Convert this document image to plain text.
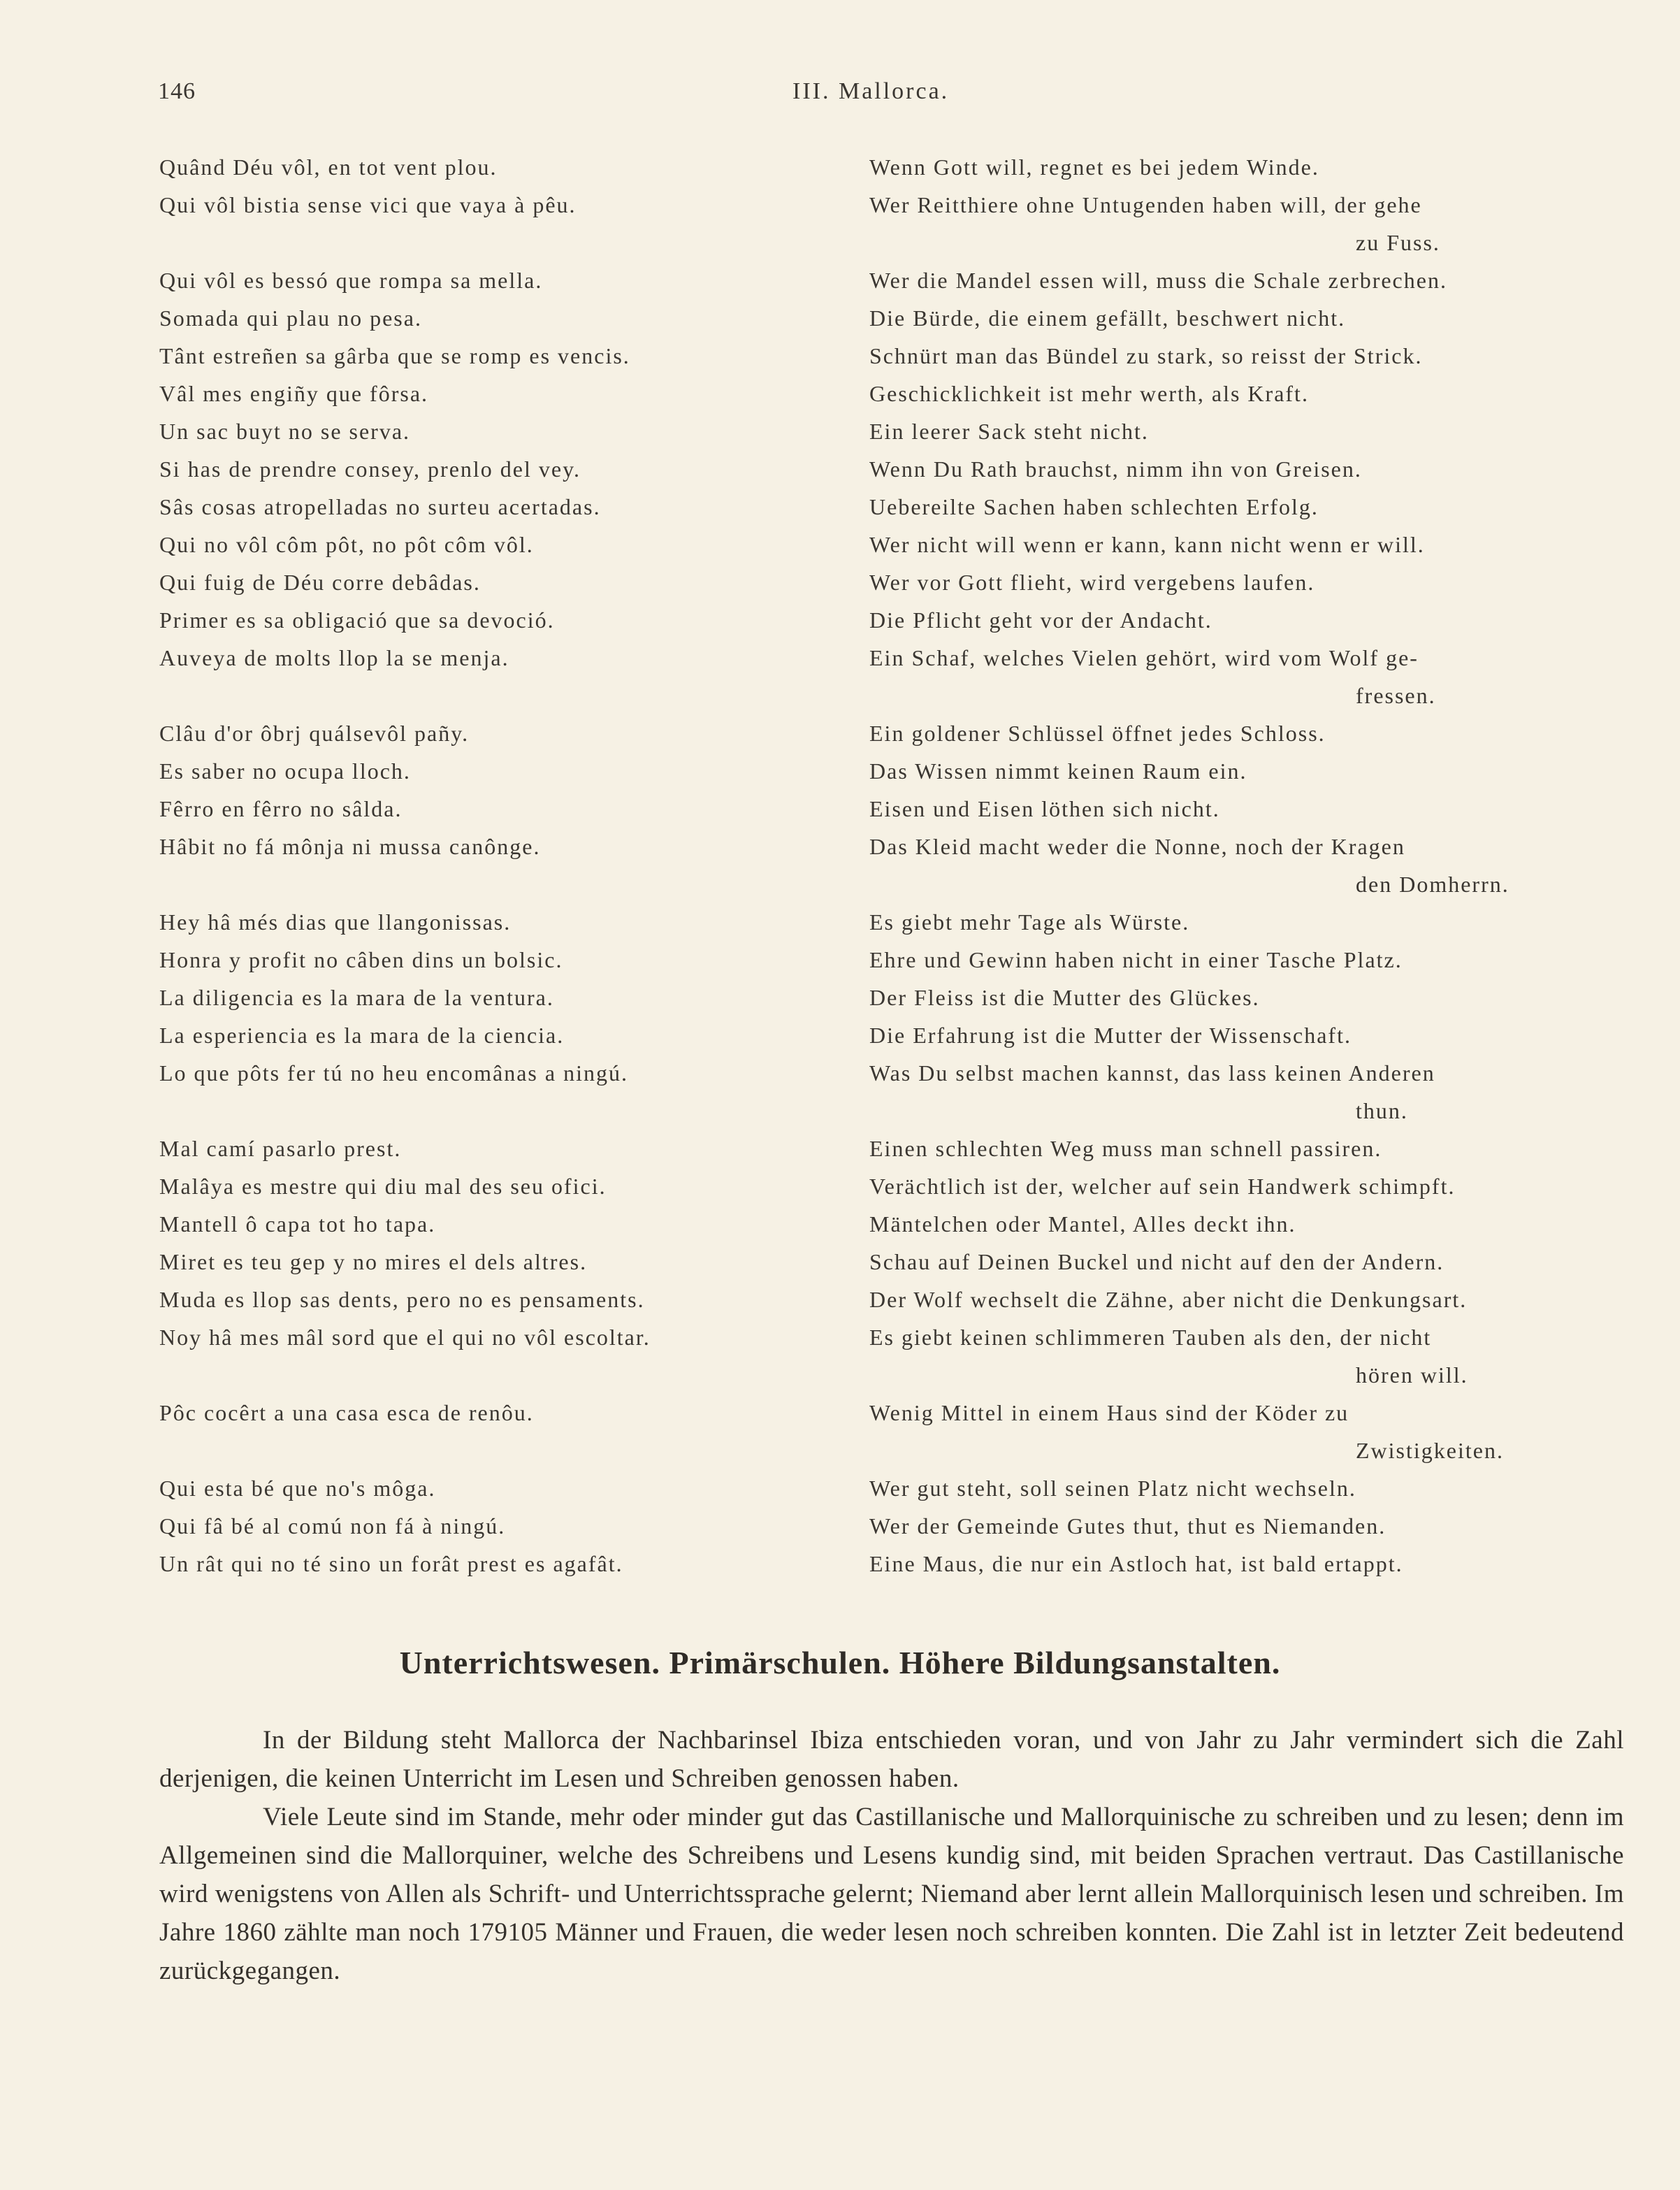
146	III. Mallorca.
Quând Déu vôl, en tot vent plou.	Wenn Gott will, regnet es bei jedem Winde.
Qui vôl bistia sense vici que vaya à pêu.	Wer Reitthiere ohne Untugenden haben will, der gehe
zu Fuss.
Qui vôl es bessó que rompa sa mella.	Wer die Mandel essen will, muss die Schale zerbrechen.
Somada qui plau no pesa.	Die Bürde, die einem gefällt, beschwert nicht.
Tânt estreñen sa gârba que se romp es vencis.	Schnürt man das Bündel zu stark, so reisst der Strick.
Vâl mes engiñy que fôrsa.	Geschicklichkeit ist mehr werth, als Kraft.
Un sac buyt no se serva.	Ein leerer Sack steht nicht.
Si has de prendre consey, prenlo del vey.	Wenn Du Rath brauchst, nimm ihn von Greisen.
Sâs cosas atropelladas no surteu acertadas.	Uebereilte Sachen haben schlechten Erfolg.
Qui no vôl côm pôt, no pôt côm vôl.	Wer nicht will wenn er kann, kann nicht wenn er will.
Qui fuig de Déu corre debâdas.	Wer vor Gott flieht, wird vergebens laufen.
Primer es sa obligació que sa devoció.	Die Pflicht geht vor der Andacht.
Auveya de molts llop la se menja.	Ein Schaf, welches Vielen gehört, wird vom Wolf ge-
fressen.
Clâu d'or ôbrj quálsevôl pañy.	Ein goldener Schlüssel öffnet jedes Schloss.
Es saber no ocupa lloch.	Das Wissen nimmt keinen Raum ein.
Fêrro en fêrro no sâlda.	Eisen und Eisen löthen sich nicht.
Hâbit no fá mônja ni mussa canônge.	Das Kleid macht weder die Nonne, noch der Kragen
den Domherrn.
Hey hâ més dias que llangonissas.	Es giebt mehr Tage als Würste.
Honra y profit no câben dins un bolsic.	Ehre und Gewinn haben nicht in einer Tasche Platz.
La diligencia es la mara de la ventura.	Der Fleiss ist die Mutter des Glückes.
La esperiencia es la mara de la ciencia.	Die Erfahrung ist die Mutter der Wissenschaft.
Lo que pôts fer tú no heu encomânas a ningú.	Was Du selbst machen kannst, das lass keinen Anderen
thun.
Mal camí pasarlo prest.	Einen schlechten Weg muss man schnell passiren.
Malâya es mestre qui diu mal des seu ofici.	Verächtlich ist der, welcher auf sein Handwerk schimpft.
Mantell ô capa tot ho tapa.	Mäntelchen oder Mantel, Alles deckt ihn.
Miret es teu gep y no mires el dels altres.	Schau auf Deinen Buckel und nicht auf den der Andern.
Muda es llop sas dents, pero no es pensaments.	Der Wolf wechselt die Zähne, aber nicht die Denkungsart.
Noy hâ mes mâl sord que el qui no vôl escoltar.	Es giebt keinen schlimmeren Tauben als den, der nicht
hören will.
Pôc cocêrt a una casa esca de renôu.	Wenig Mittel in einem Haus sind der Köder zu
Zwistigkeiten.
Qui esta bé que no's môga.	Wer gut steht, soll seinen Platz nicht wechseln.
Qui fâ bé al comú non fá à ningú.	Wer der Gemeinde Gutes thut, thut es Niemanden.
Un rât qui no té sino un forât prest es agafât.	Eine Maus, die nur ein Astloch hat, ist bald ertappt.
Unterrichtswesen. Primärschulen. Höhere Bildungsanstalten.

In der Bildung steht Mallorca der Nachbarinsel Ibiza entschieden voran, und von Jahr zu Jahr vermindert sich die Zahl derjenigen, die keinen Unterricht im Lesen und Schreiben genossen haben.

Viele Leute sind im Stande, mehr oder minder gut das Castillanische und Mallorquinische zu schreiben und zu lesen; denn im Allgemeinen sind die Mallorquiner, welche des Schreibens und Lesens kundig sind, mit beiden Sprachen vertraut. Das Castillanische wird wenigstens von Allen als Schrift- und Unterrichtssprache gelernt; Niemand aber lernt allein Mallorquinisch lesen und schreiben. Im Jahre 1860 zählte man noch 179105 Männer und Frauen, die weder lesen noch schreiben konnten. Die Zahl ist in letzter Zeit bedeutend zurückgegangen.
